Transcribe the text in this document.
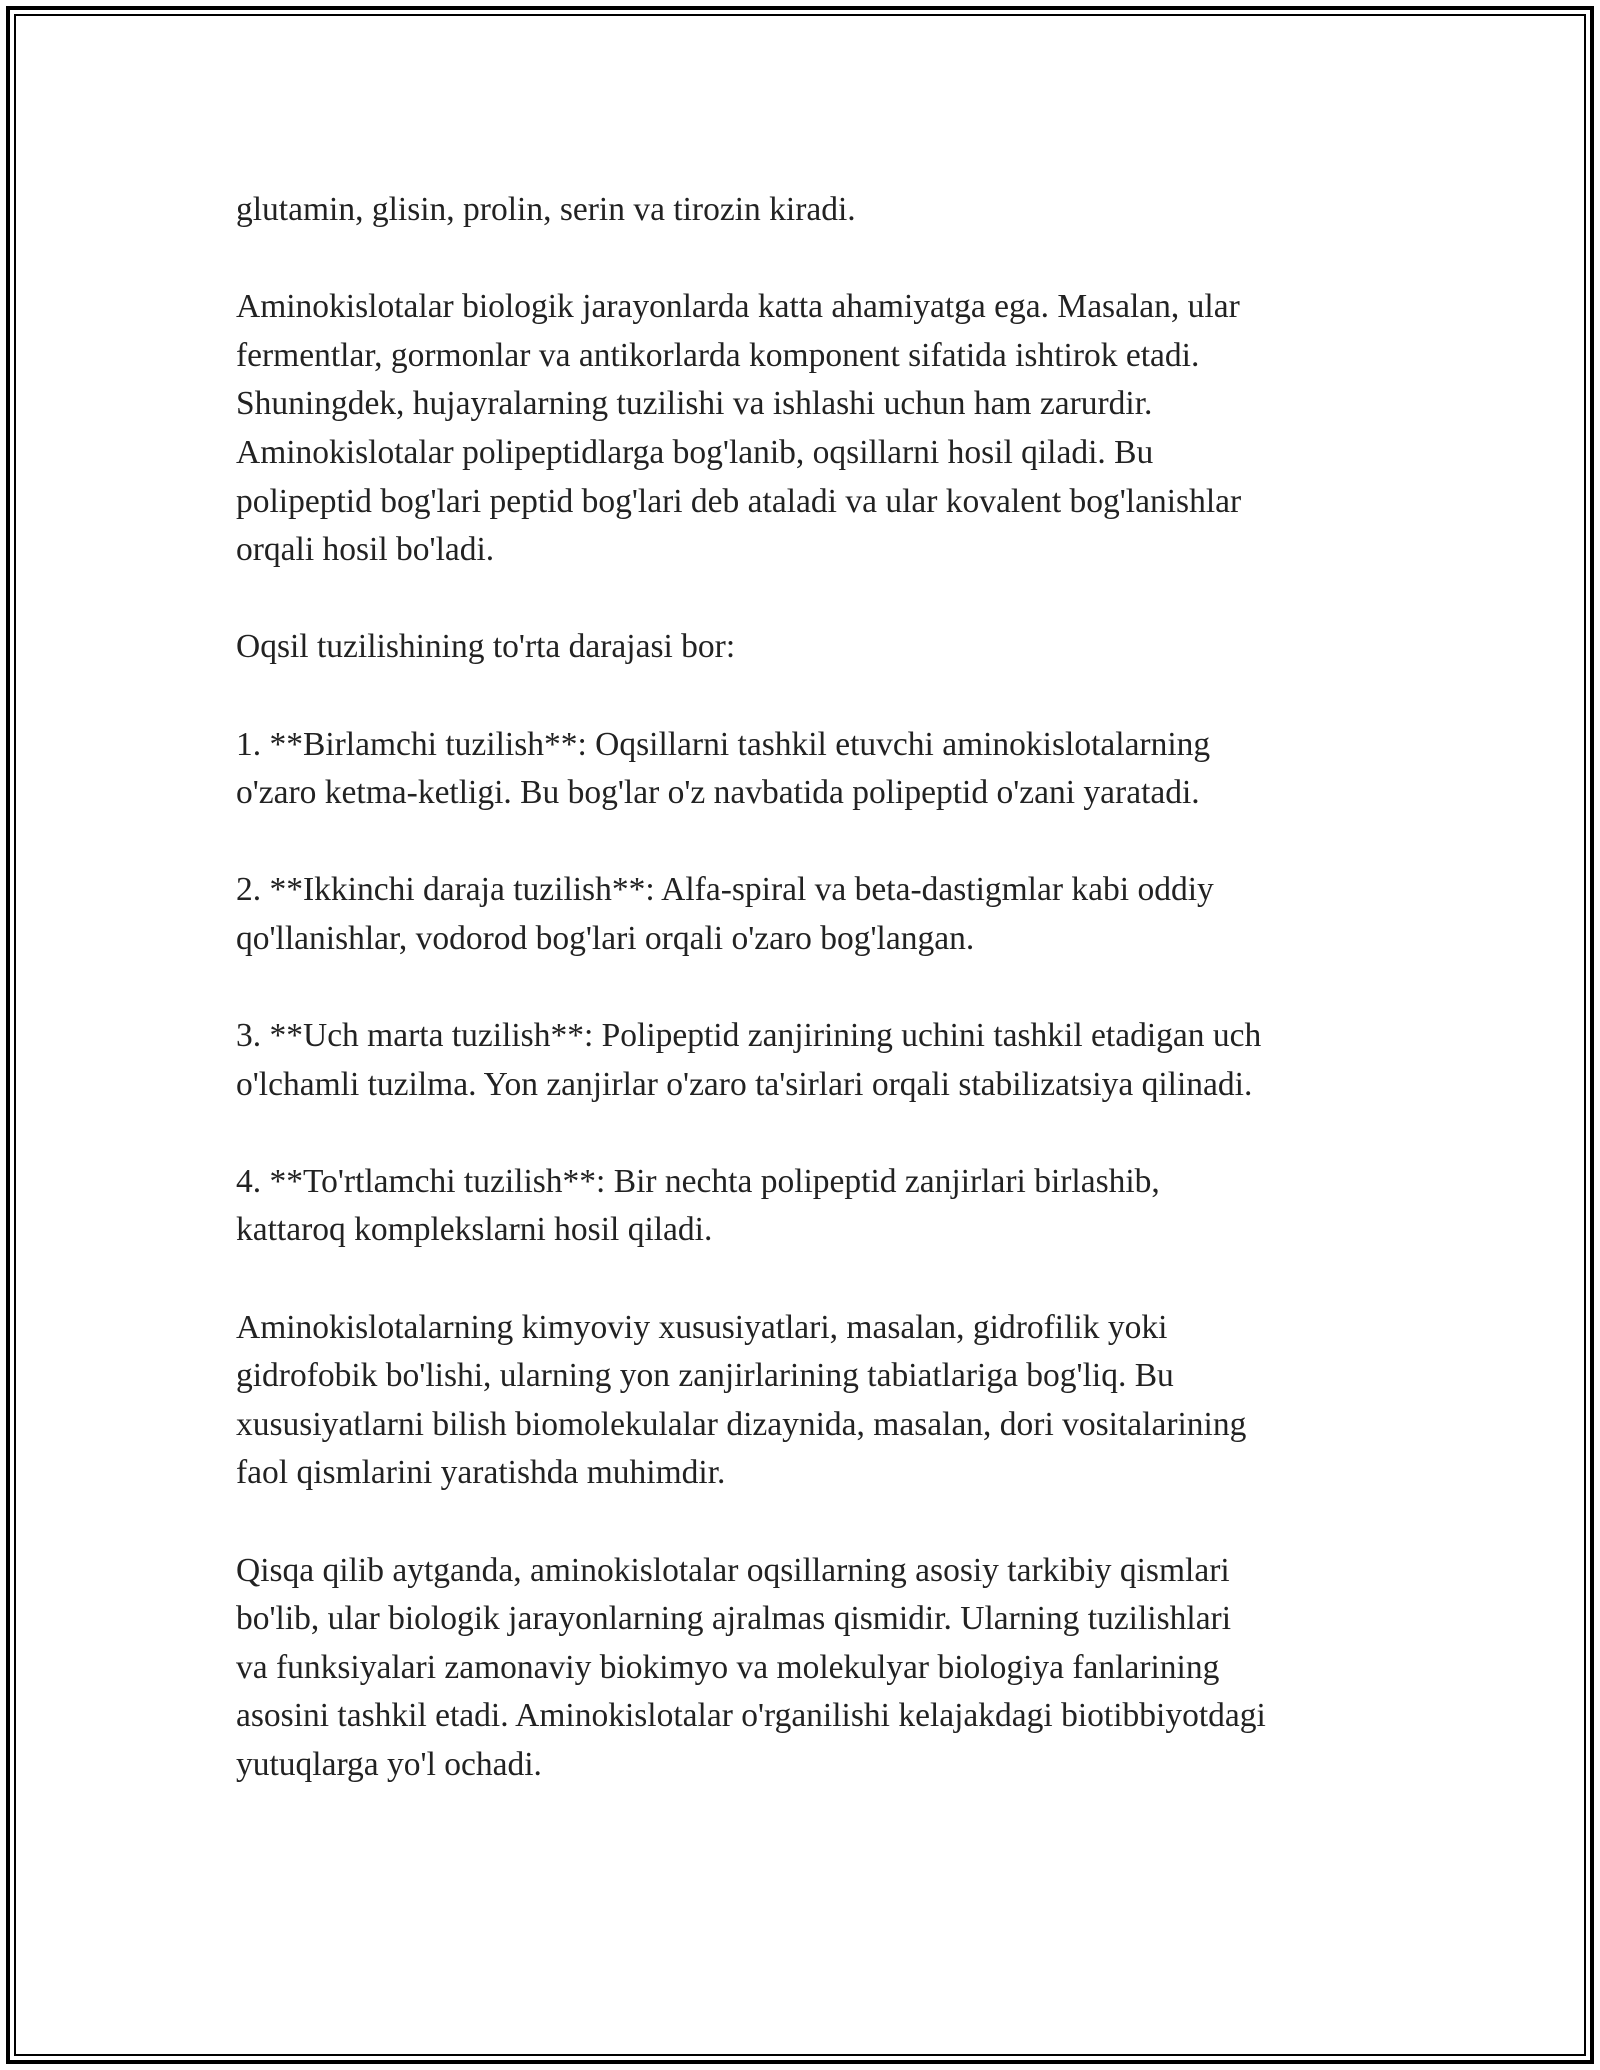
glutamin, glisin, prolin, serin va tirozin kiradi.

Aminokislotalar biologik jarayonlarda katta ahamiyatga ega. Masalan, ular
fermentlar, gormonlar va antikorlarda komponent sifatida ishtirok etadi.
Shuningdek, hujayralarning tuzilishi va ishlashi uchun ham zarurdir.
Aminokislotalar polipeptidlarga bog'lanib, oqsillarni hosil qiladi. Bu
polipeptid bog'lari peptid bog'lari deb ataladi va ular kovalent bog'lanishlar
orqali hosil bo'ladi.

Oqsil tuzilishining to'rta darajasi bor:

1. **Birlamchi tuzilish**: Oqsillarni tashkil etuvchi aminokislotalarning
o'zaro ketma-ketligi. Bu bog'lar o'z navbatida polipeptid o'zani yaratadi.

2. **Ikkinchi daraja tuzilish**: Alfa-spiral va beta-dastigmlar kabi oddiy
qo'llanishlar, vodorod bog'lari orqali o'zaro bog'langan.

3. **Uch marta tuzilish**: Polipeptid zanjirining uchini tashkil etadigan uch
o'lchamli tuzilma. Yon zanjirlar o'zaro ta'sirlari orqali stabilizatsiya qilinadi.

4. **To'rtlamchi tuzilish**: Bir nechta polipeptid zanjirlari birlashib,
kattaroq komplekslarni hosil qiladi.

Aminokislotalarning kimyoviy xususiyatlari, masalan, gidrofilik yoki
gidrofobik bo'lishi, ularning yon zanjirlarining tabiatlariga bog'liq. Bu
xususiyatlarni bilish biomolekulalar dizaynida, masalan, dori vositalarining
faol qismlarini yaratishda muhimdir.

Qisqa qilib aytganda, aminokislotalar oqsillarning asosiy tarkibiy qismlari
bo'lib, ular biologik jarayonlarning ajralmas qismidir. Ularning tuzilishlari
va funksiyalari zamonaviy biokimyo va molekulyar biologiya fanlarining
asosini tashkil etadi. Aminokislotalar o'rganilishi kelajakdagi biotibbiyotdagi
yutuqlarga yo'l ochadi.
